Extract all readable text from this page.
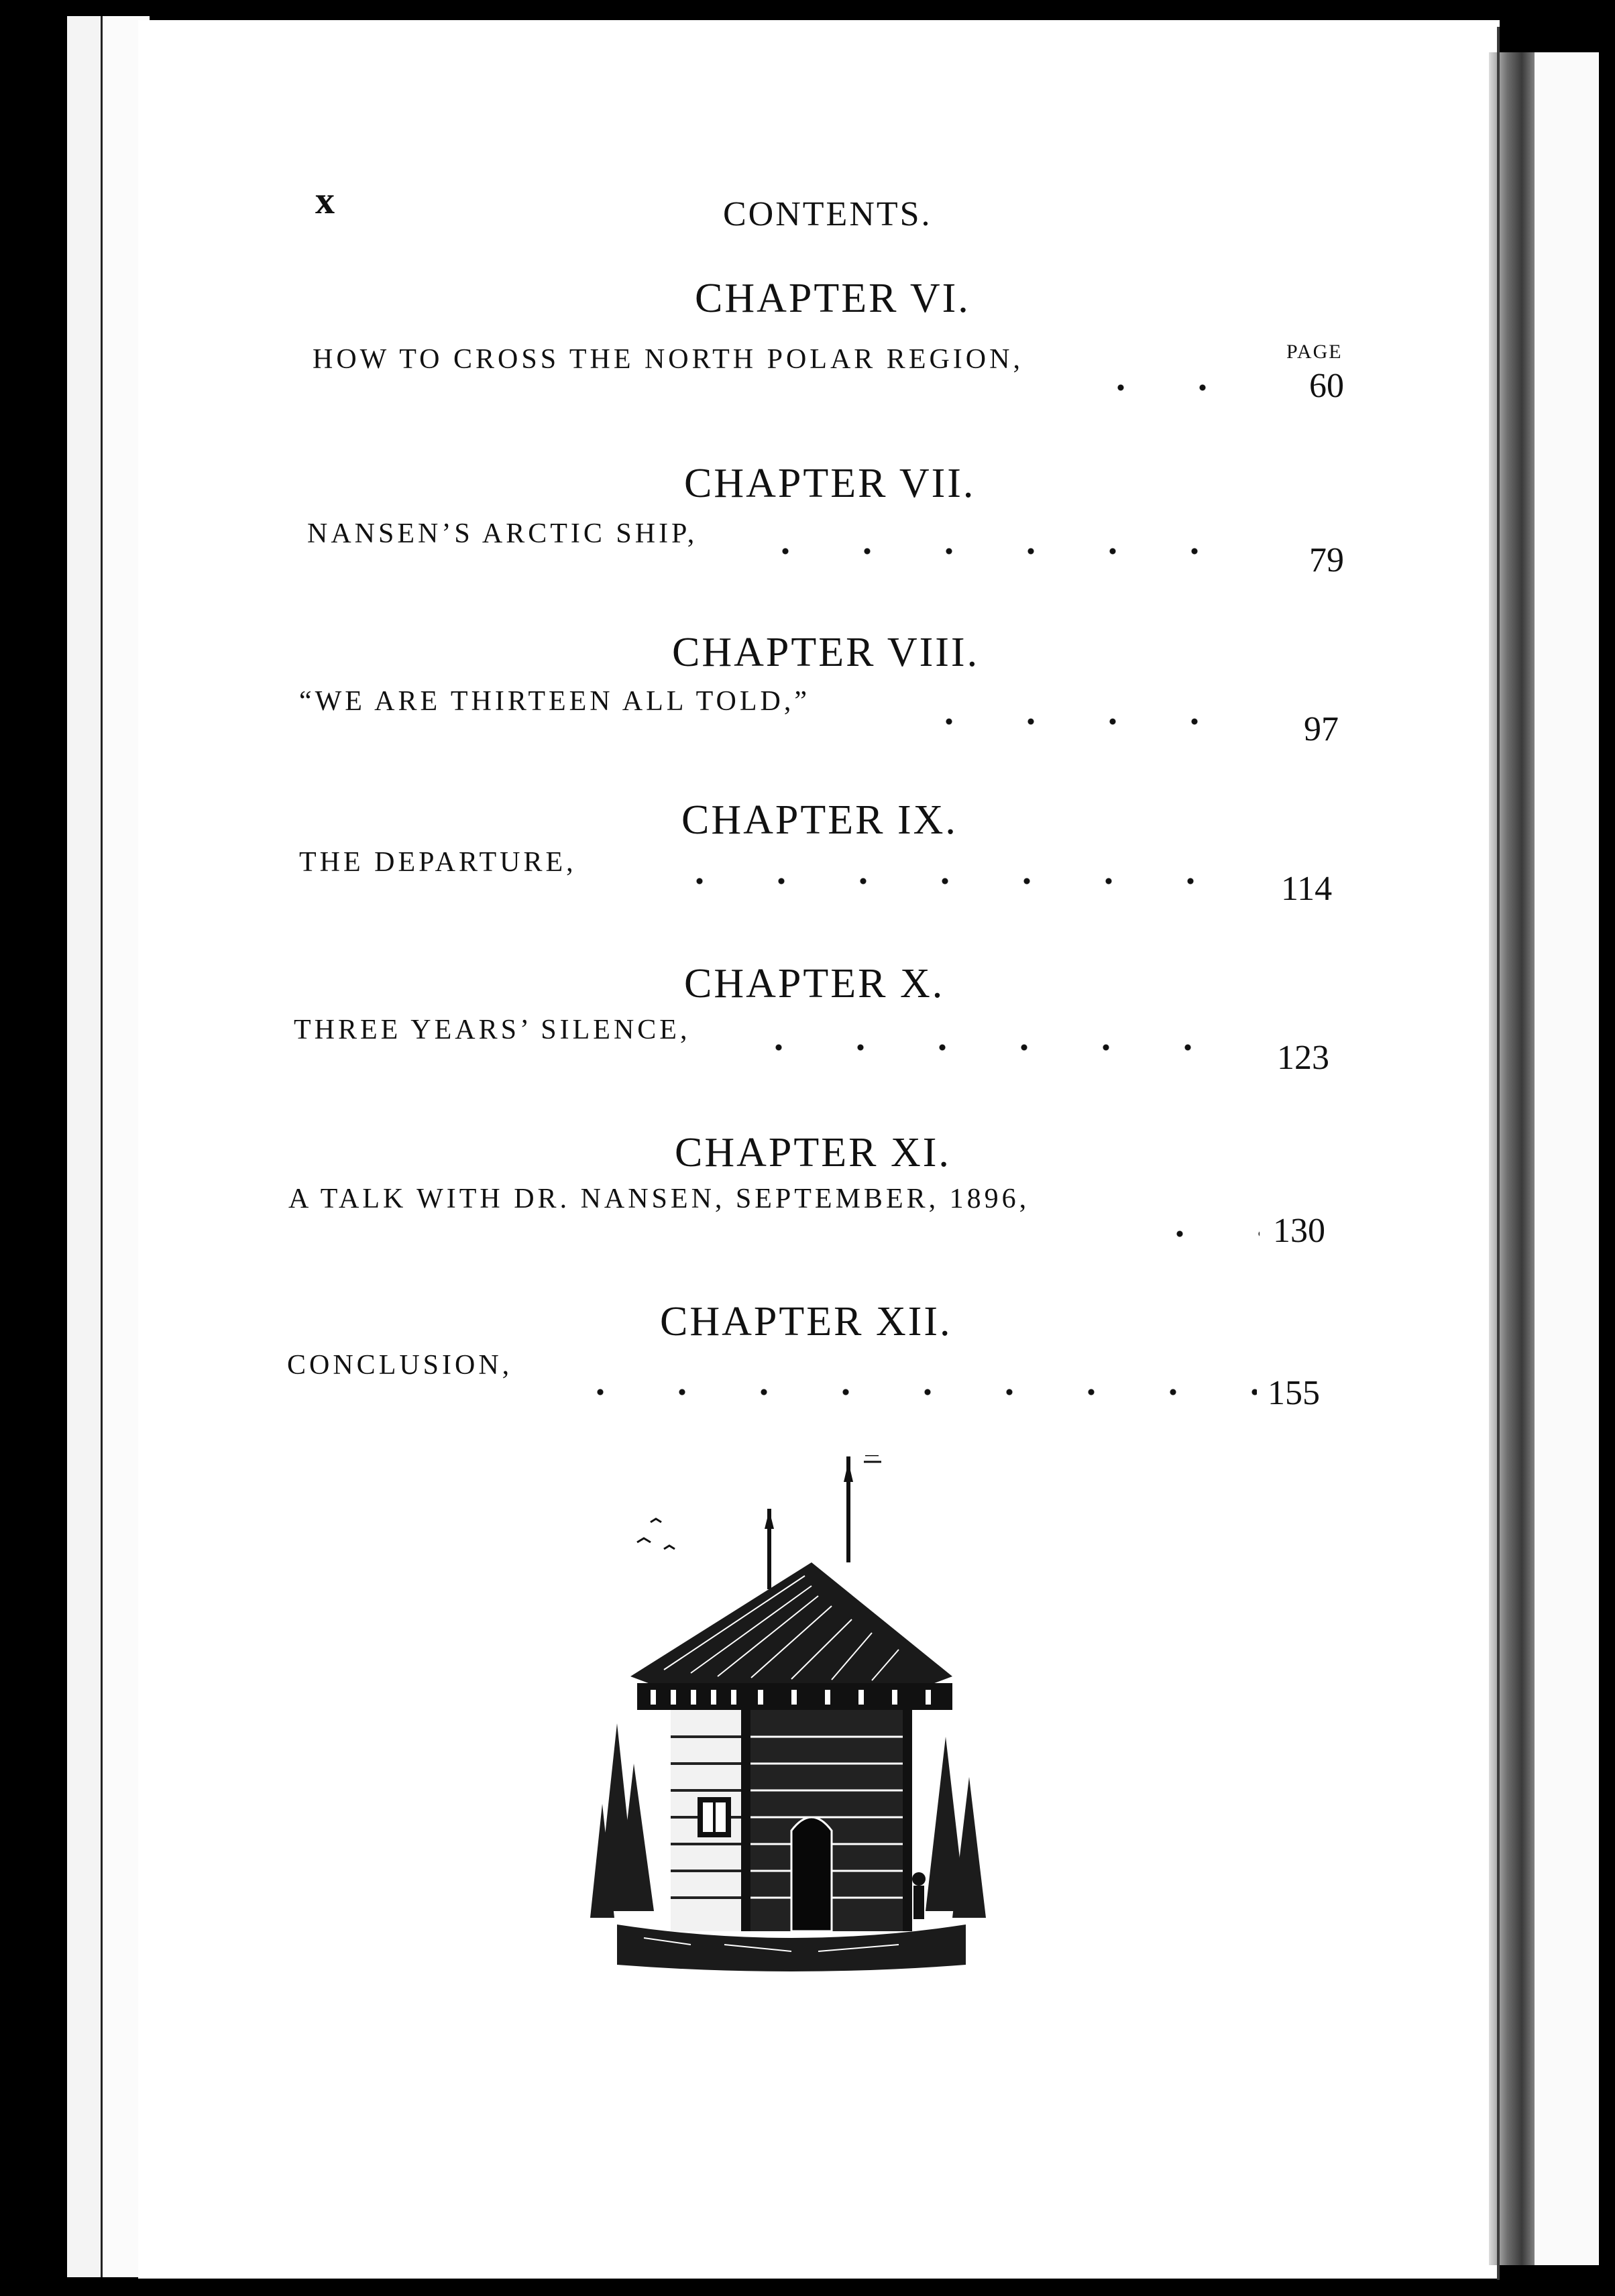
x	CONTENTS.
PAGE
CHAPTER VI.
HOW TO CROSS THE NORTH POLAR REGION,
60
CHAPTER VII.
NANSEN’S ARCTIC SHIP,
79
CHAPTER VIII.
“WE ARE THIRTEEN ALL TOLD,”
97
CHAPTER IX.
THE DEPARTURE,
114
CHAPTER X.
THREE YEARS’ SILENCE,
123
CHAPTER XI.
A TALK WITH DR. NANSEN, SEPTEMBER, 1896,
130
CHAPTER XII.
CONCLUSION,
155
